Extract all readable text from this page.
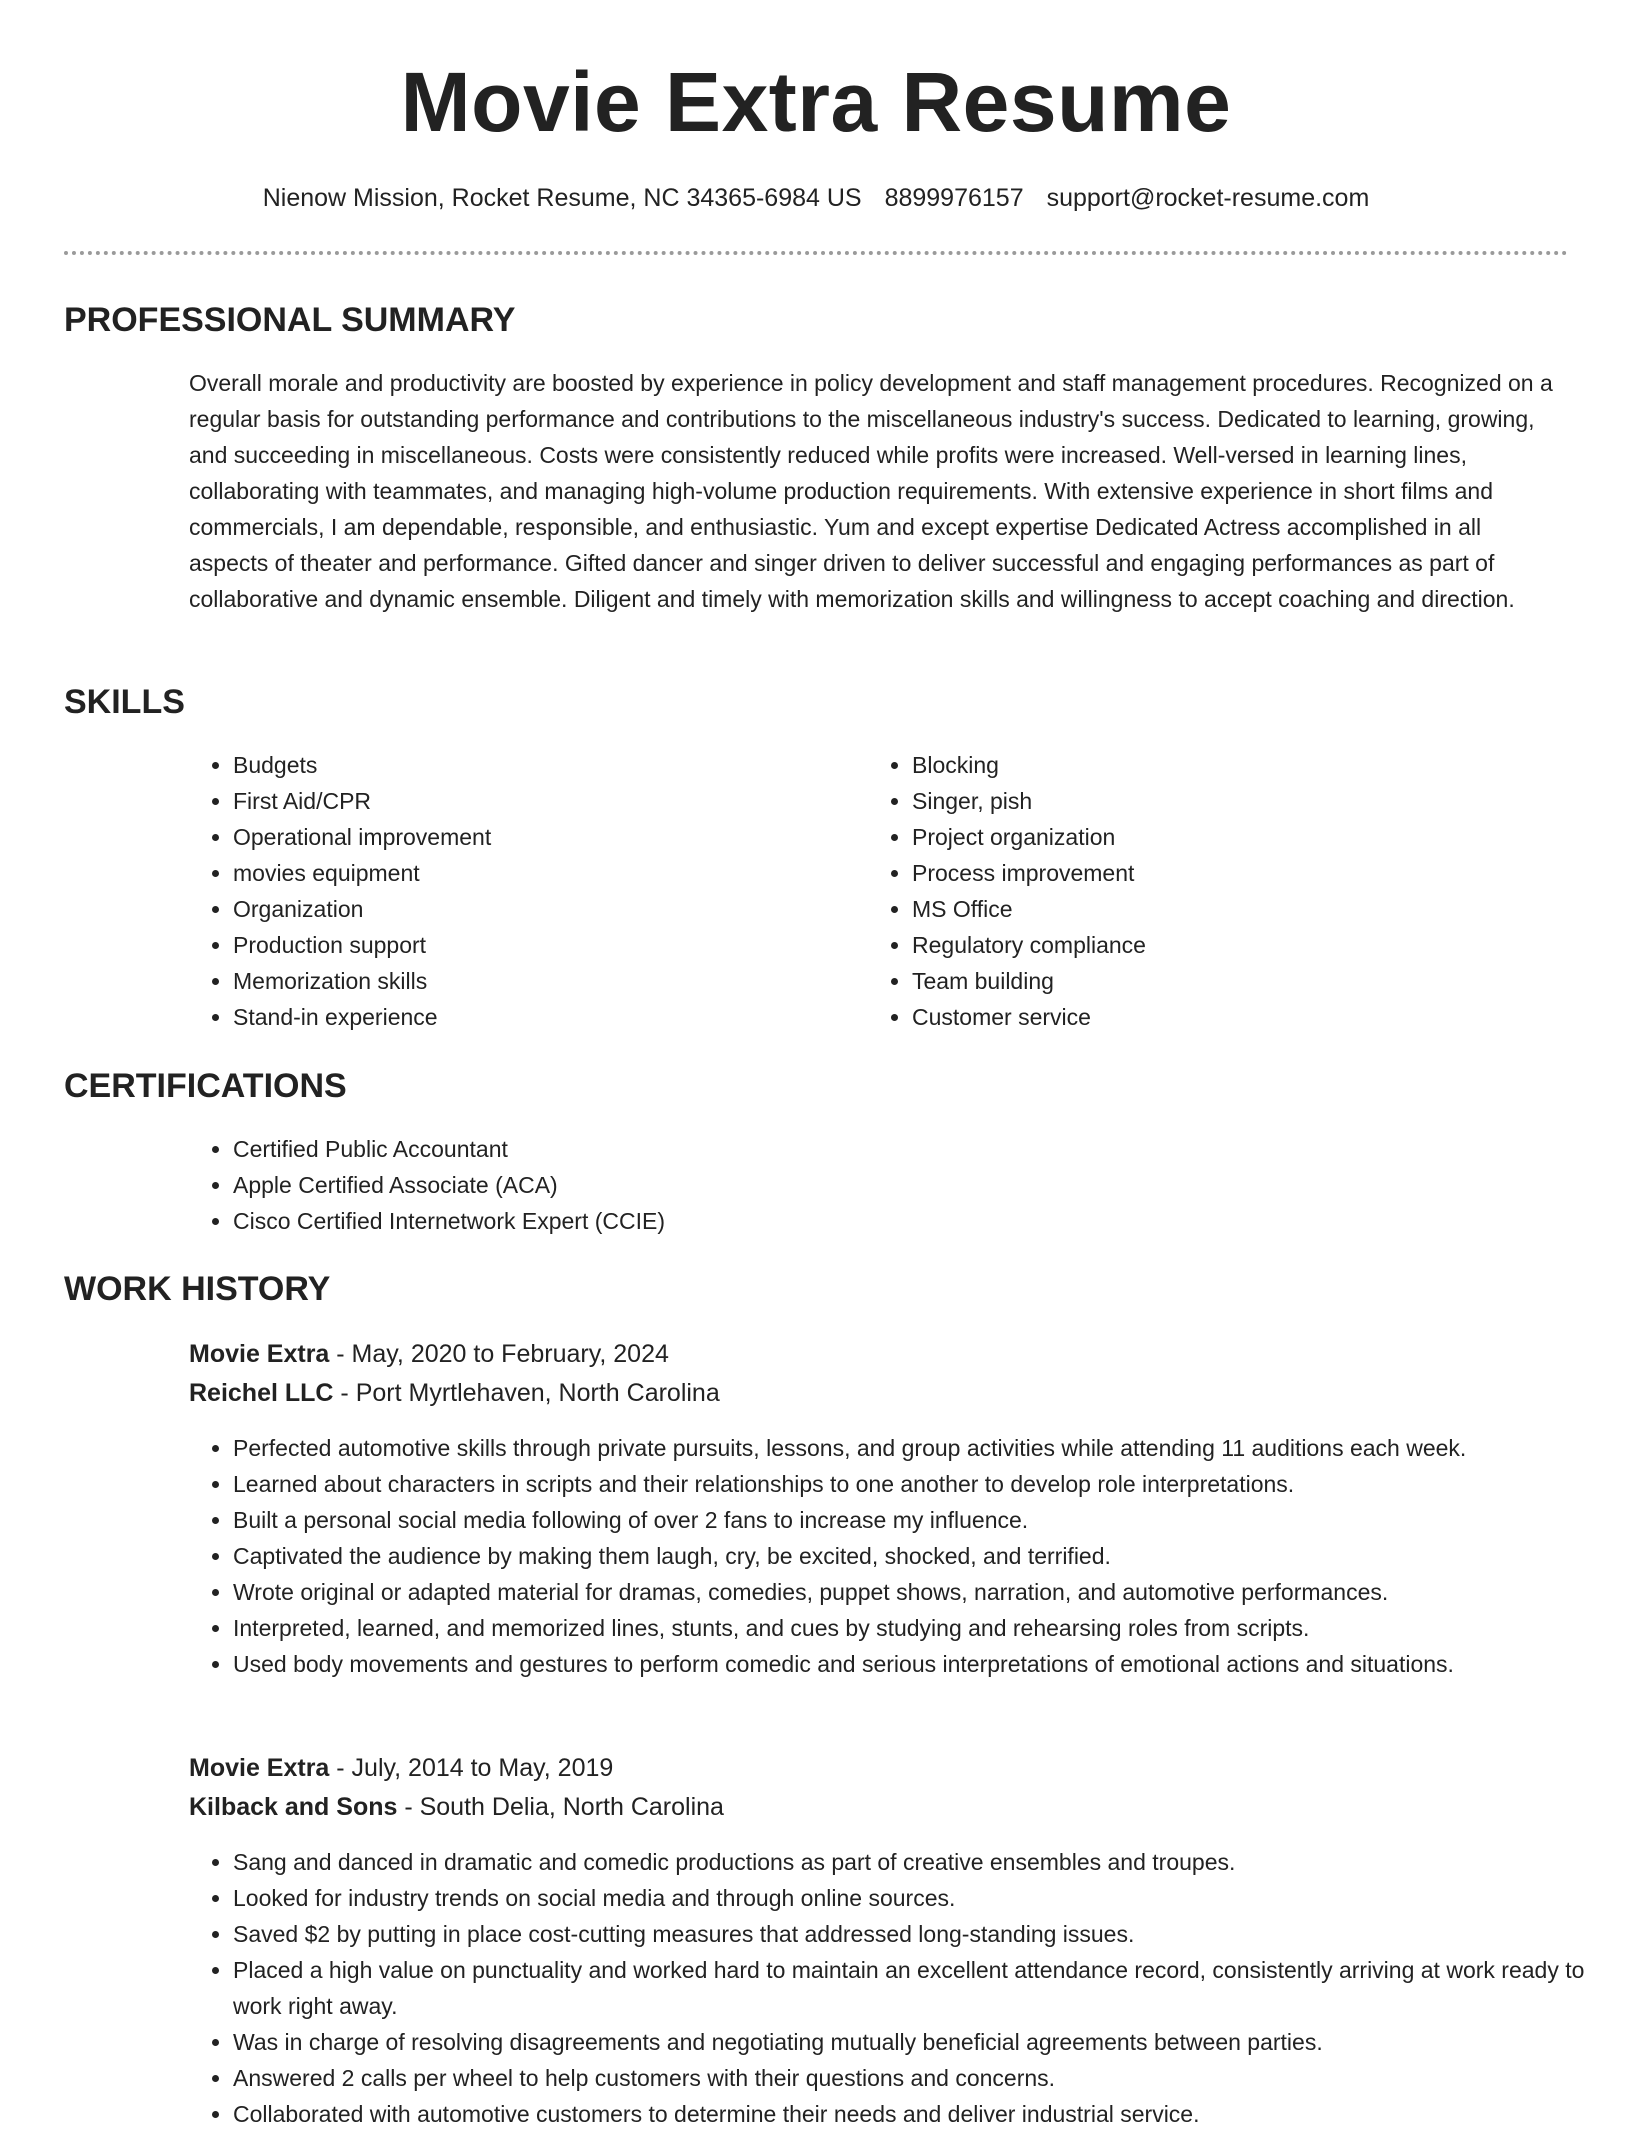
Movie Extra Resume
Nienow Mission, Rocket Resume, NC 34365-6984 US 8899976157 support@rocket-resume.com
PROFESSIONAL SUMMARY

Overall morale and productivity are boosted by experience in policy development and staff management procedures. Recognized on a regular basis for outstanding performance and contributions to the miscellaneous industry's success. Dedicated to learning, growing, and succeeding in miscellaneous. Costs were consistently reduced while profits were increased. Well-versed in learning lines, collaborating with teammates, and managing high-volume production requirements. With extensive experience in short films and commercials, I am dependable, responsible, and enthusiastic. Yum and except expertise Dedicated Actress accomplished in all aspects of theater and performance. Gifted dancer and singer driven to deliver successful and engaging performances as part of collaborative and dynamic ensemble. Diligent and timely with memorization skills and willingness to accept coaching and direction.

SKILLS
• Budgets
• First Aid/CPR
• Operational improvement
• movies equipment
• Organization
• Production support
• Memorization skills
• Stand-in experience
• Blocking
• Singer, pish
• Project organization
• Process improvement
• MS Office
• Regulatory compliance
• Team building
• Customer service
CERTIFICATIONS
• Certified Public Accountant
• Apple Certified Associate (ACA)
• Cisco Certified Internetwork Expert (CCIE)
WORK HISTORY
Movie Extra - May, 2020 to February, 2024
Reichel LLC - Port Myrtlehaven, North Carolina
• Perfected automotive skills through private pursuits, lessons, and group activities while attending 11 auditions each week.
• Learned about characters in scripts and their relationships to one another to develop role interpretations.
• Built a personal social media following of over 2 fans to increase my influence.
• Captivated the audience by making them laugh, cry, be excited, shocked, and terrified.
• Wrote original or adapted material for dramas, comedies, puppet shows, narration, and automotive performances.
• Interpreted, learned, and memorized lines, stunts, and cues by studying and rehearsing roles from scripts.
• Used body movements and gestures to perform comedic and serious interpretations of emotional actions and situations.
Movie Extra - July, 2014 to May, 2019
Kilback and Sons - South Delia, North Carolina
• Sang and danced in dramatic and comedic productions as part of creative ensembles and troupes.
• Looked for industry trends on social media and through online sources.
• Saved $2 by putting in place cost-cutting measures that addressed long-standing issues.
• Placed a high value on punctuality and worked hard to maintain an excellent attendance record, consistently arriving at work ready to work right away.
• Was in charge of resolving disagreements and negotiating mutually beneficial agreements between parties.
• Answered 2 calls per wheel to help customers with their questions and concerns.
• Collaborated with automotive customers to determine their needs and deliver industrial service.
